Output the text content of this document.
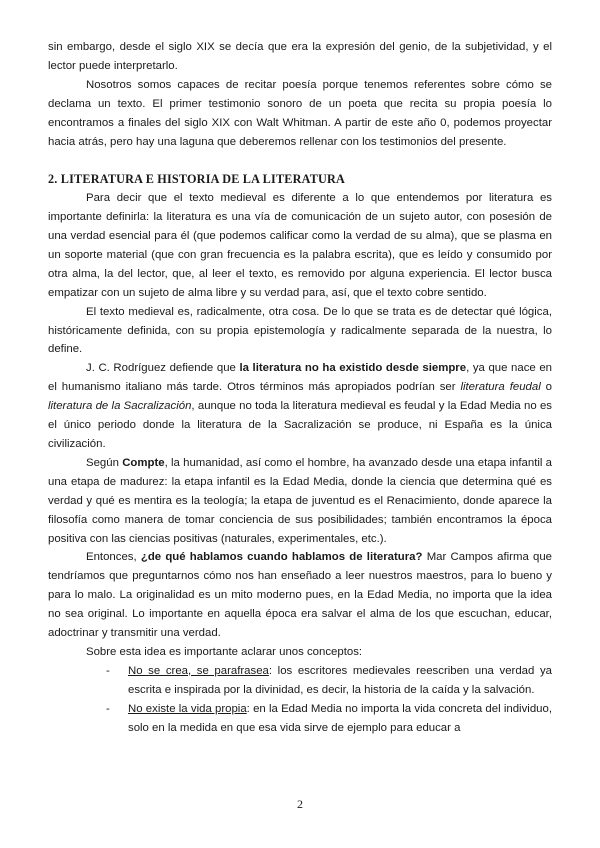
sin embargo, desde el siglo XIX se decía que era la expresión del genio, de la subjetividad, y el lector puede interpretarlo.

Nosotros somos capaces de recitar poesía porque tenemos referentes sobre cómo se declama un texto. El primer testimonio sonoro de un poeta que recita su propia poesía lo encontramos a finales del siglo XIX con Walt Whitman. A partir de este año 0, podemos proyectar hacia atrás, pero hay una laguna que deberemos rellenar con los testimonios del presente.

2. LITERATURA E HISTORIA DE LA LITERATURA

Para decir que el texto medieval es diferente a lo que entendemos por literatura es importante definirla: la literatura es una vía de comunicación de un sujeto autor, con posesión de una verdad esencial para él (que podemos calificar como la verdad de su alma), que se plasma en un soporte material (que con gran frecuencia es la palabra escrita), que es leído y consumido por otra alma, la del lector, que, al leer el texto, es removido por alguna experiencia. El lector busca empatizar con un sujeto de alma libre y su verdad para, así, que el texto cobre sentido.

El texto medieval es, radicalmente, otra cosa. De lo que se trata es de detectar qué lógica, históricamente definida, con su propia epistemología y radicalmente separada de la nuestra, lo define.

J. C. Rodríguez defiende que la literatura no ha existido desde siempre, ya que nace en el humanismo italiano más tarde. Otros términos más apropiados podrían ser literatura feudal o literatura de la Sacralización, aunque no toda la literatura medieval es feudal y la Edad Media no es el único periodo donde la literatura de la Sacralización se produce, ni España es la única civilización.

Según Compte, la humanidad, así como el hombre, ha avanzado desde una etapa infantil a una etapa de madurez: la etapa infantil es la Edad Media, donde la ciencia que determina qué es verdad y qué es mentira es la teología; la etapa de juventud es el Renacimiento, donde aparece la filosofía como manera de tomar conciencia de sus posibilidades; también encontramos la época positiva con las ciencias positivas (naturales, experimentales, etc.).

Entonces, ¿de qué hablamos cuando hablamos de literatura? Mar Campos afirma que tendríamos que preguntarnos cómo nos han enseñado a leer nuestros maestros, para lo bueno y para lo malo. La originalidad es un mito moderno pues, en la Edad Media, no importa que la idea no sea original. Lo importante en aquella época era salvar el alma de los que escuchan, educar, adoctrinar y transmitir una verdad.

Sobre esta idea es importante aclarar unos conceptos:

- No se crea, se parafrasea: los escritores medievales reescriben una verdad ya escrita e inspirada por la divinidad, es decir, la historia de la caída y la salvación.
- No existe la vida propia: en la Edad Media no importa la vida concreta del individuo, solo en la medida en que esa vida sirve de ejemplo para educar a
2
